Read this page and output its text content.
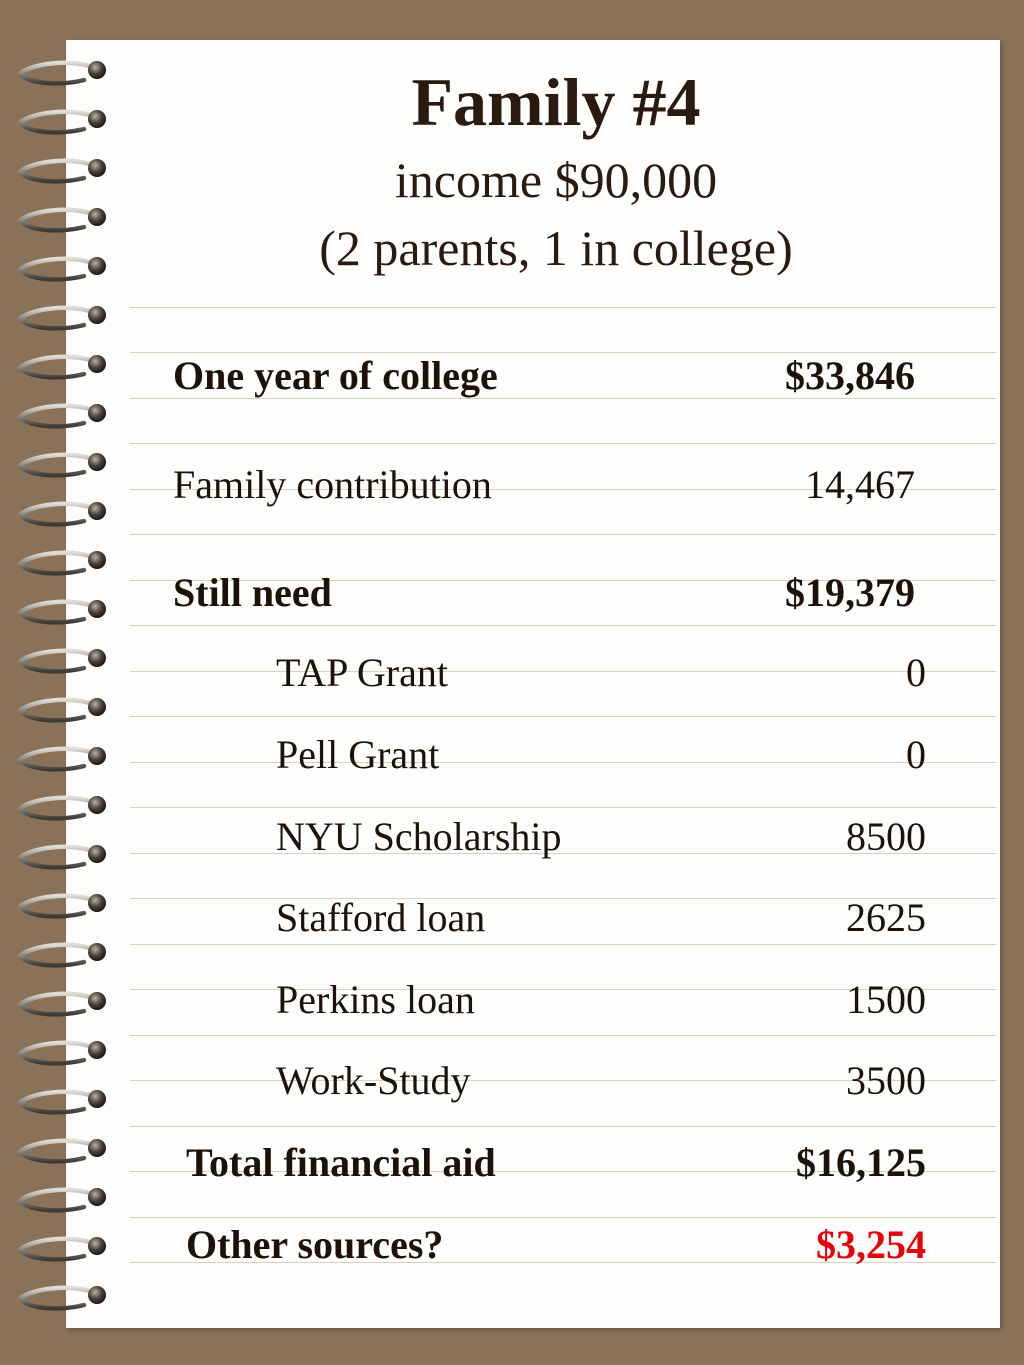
Family #4
income $90,000
(2 parents, 1 in college)
One year of college	$33,846
Family contribution	14,467
Still need	$19,379
TAP Grant	0
Pell Grant	0
NYU Scholarship	8500
Stafford loan	2625
Perkins loan	1500
Work-Study	3500
Total financial aid	$16,125
Other sources?	$3,254
